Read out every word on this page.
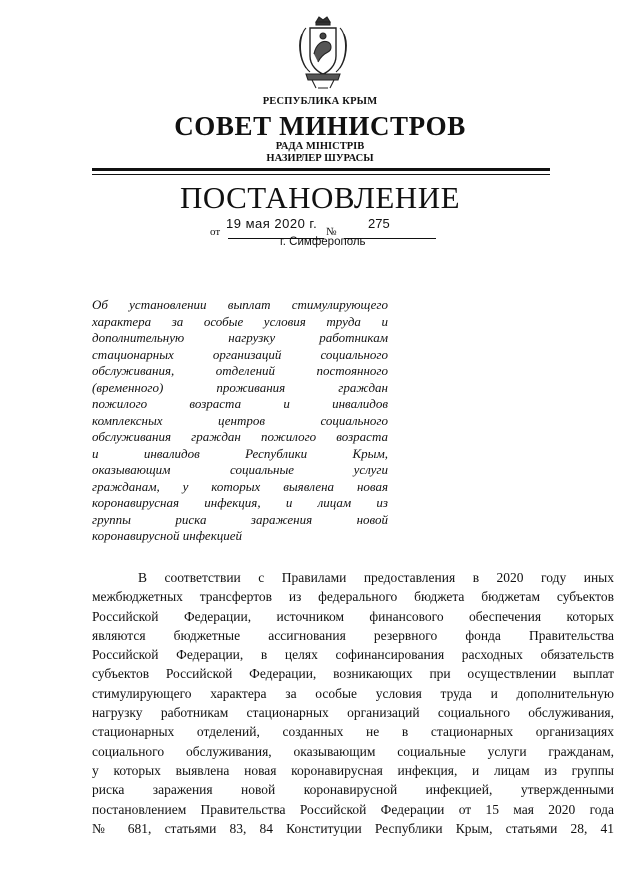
РЕСПУБЛИКА КРЫМ
СОВЕТ МИНИСТРОВ
РАДА МІНІСТРІВ
НАЗИРЛЕР ШУРАСЫ
ПОСТАНОВЛЕНИЕ
от
19 мая 2020 г.
№
275
г. Симферополь
Об установлении выплат стимулирующего
характера за особые условия труда и
дополнительную нагрузку работникам
стационарных организаций социального
обслуживания, отделений постоянного
(временного) проживания граждан
пожилого возраста и инвалидов
комплексных центров социального
обслуживания граждан пожилого возраста
и инвалидов Республики Крым,
оказывающим социальные услуги
гражданам, у которых выявлена новая
коронавирусная инфекция, и лицам из
группы риска заражения новой
коронавирусной инфекцией
В соответствии с Правилами предоставления в 2020 году иных
межбюджетных трансфертов из федерального бюджета бюджетам субъектов
Российской Федерации, источником финансового обеспечения которых
являются бюджетные ассигнования резервного фонда Правительства
Российской Федерации, в целях софинансирования расходных обязательств
субъектов Российской Федерации, возникающих при осуществлении выплат
стимулирующего характера за особые условия труда и дополнительную
нагрузку работникам стационарных организаций социального обслуживания,
стационарных отделений, созданных не в стационарных организациях
социального обслуживания, оказывающим социальные услуги гражданам,
у которых выявлена новая коронавирусная инфекция, и лицам из группы
риска заражения новой коронавирусной инфекцией, утвержденными
постановлением Правительства Российской Федерации от 15 мая 2020 года
№ 681, статьями 83, 84 Конституции Республики Крым, статьями 28, 41
